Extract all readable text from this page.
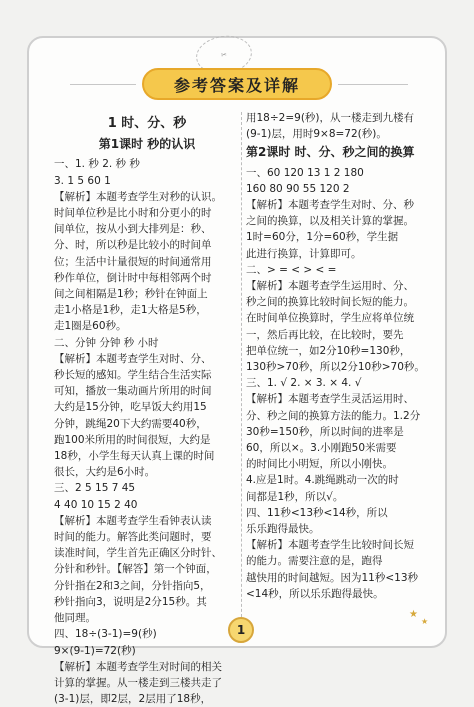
✂
参考答案及详解
1 时、分、秒
第1课时 秒的认识
一、1. 秒 2. 秒 秒
3. 1 5 60 1
【解析】本题考查学生对秒的认识。
时间单位秒是比小时和分更小的时
间单位，按从小到大排列是：秒、
分、时，所以秒是比较小的时间单
位；生活中计量很短的时间通常用
秒作单位，倒计时中每相邻两个时
间之间相隔是1秒；秒针在钟面上
走1小格是1秒，走1大格是5秒，
走1圈是60秒。
二、分钟 分钟 秒 小时
【解析】本题考查学生对时、分、
秒长短的感知。学生结合生活实际
可知，播放一集动画片所用的时间
大约是15分钟，吃早饭大约用15
分钟，跳绳20下大约需要40秒，
跑100米所用的时间很短，大约是
18秒，小学生每天认真上课的时间
很长，大约是6小时。
三、2 5 15 7 45
4 40 10 15 2 40
【解析】本题考查学生看钟表认读
时间的能力。解答此类问题时，要
读准时间，学生首先正确区分时针、
分针和秒针。【解答】第一个钟面，
分针指在2和3之间，分针指向5，
秒针指向3，说明是2分15秒。其
他同理。
四、18÷(3-1)=9(秒)
9×(9-1)=72(秒)
【解析】本题考查学生对时间的相关
计算的掌握。从一楼走到三楼共走了
(3-1)层，即2层，2层用了18秒，
用18÷2=9(秒)，从一楼走到九楼有
(9-1)层，用时9×8=72(秒)。
第2课时 时、分、秒之间的换算
一、60 120 13 1 2 180
160 80 90 55 120 2
【解析】本题考查学生对时、分、秒
之间的换算，以及相关计算的掌握。
1时=60分，1分=60秒，学生据
此进行换算，计算即可。
二、> = < > < =
【解析】本题考查学生运用时、分、
秒之间的换算比较时间长短的能力。
在时间单位换算时，学生应将单位统
一，然后再比较，在比较时，要先
把单位统一，如2分10秒=130秒，
130秒>70秒，所以2分10秒>70秒。
三、1. √ 2. × 3. × 4. √
【解析】本题考查学生灵活运用时、
分、秒之间的换算方法的能力。1.2分
30秒=150秒，所以时间的进率是
60，所以×。3.小刚跑50米需要
的时间比小明短，所以小刚快。
4.应是1时。4.跳绳跳动一次的时
间都是1秒，所以√。
四、11秒<13秒<14秒，所以
乐乐跑得最快。
【解析】本题考查学生比较时间长短
的能力。需要注意的是，跑得
越快用的时间越短。因为11秒<13秒
<14秒，所以乐乐跑得最快。
1
★
★
